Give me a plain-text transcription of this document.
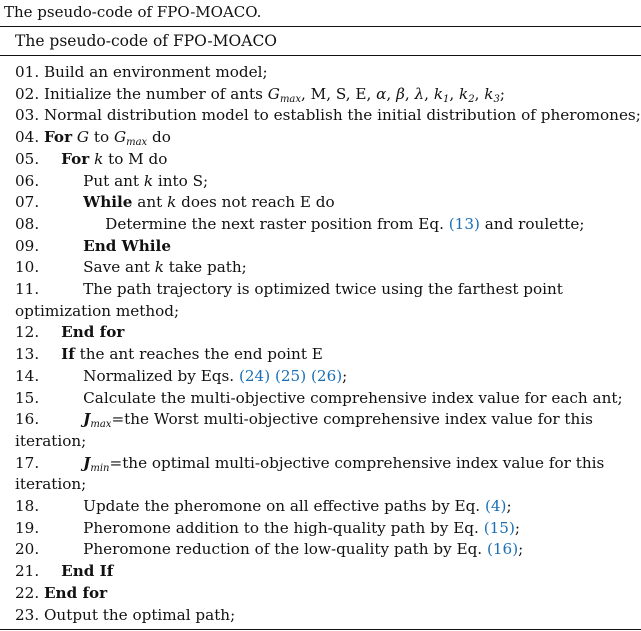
The pseudo-code of FPO-MOACO.
The pseudo-code of FPO-MOACO
01. Build an environment model;
02. Initialize the number of ants $G_{max}$, M, S, E, α, β, λ, $k_1$, $k_2$, $k_3$;
03. Normal distribution model to establish the initial distribution of pheromones;
04. For G to $G_{max}$ do
05. For k to M do
06.	Put ant k into S;
07.	While ant k does not reach E do
08.	Determine the next raster position from Eq. (13) and roulette;
09.	End While
10.	Save ant k take path;
11.	The path trajectory is optimized twice using the farthest point optimization method;
12. End for
13. If the ant reaches the end point E
14.	Normalized by Eqs. (24) (25) (26);
15.	Calculate the multi-objective comprehensive index value for each ant;
16.	$J_{max}=the$ Worst multi-objective comprehensive index value for this iteration;
17.	$J_{min}=the$ optimal multi-objective comprehensive index value for this iteration;
18.	Update the pheromone on all effective paths by Eq. (4);
19.	Pheromone addition to the high-quality path by Eq. (15);
20.	Pheromone reduction of the low-quality path by Eq. (16);
21. End If
22. End for
23. Output the optimal path;
